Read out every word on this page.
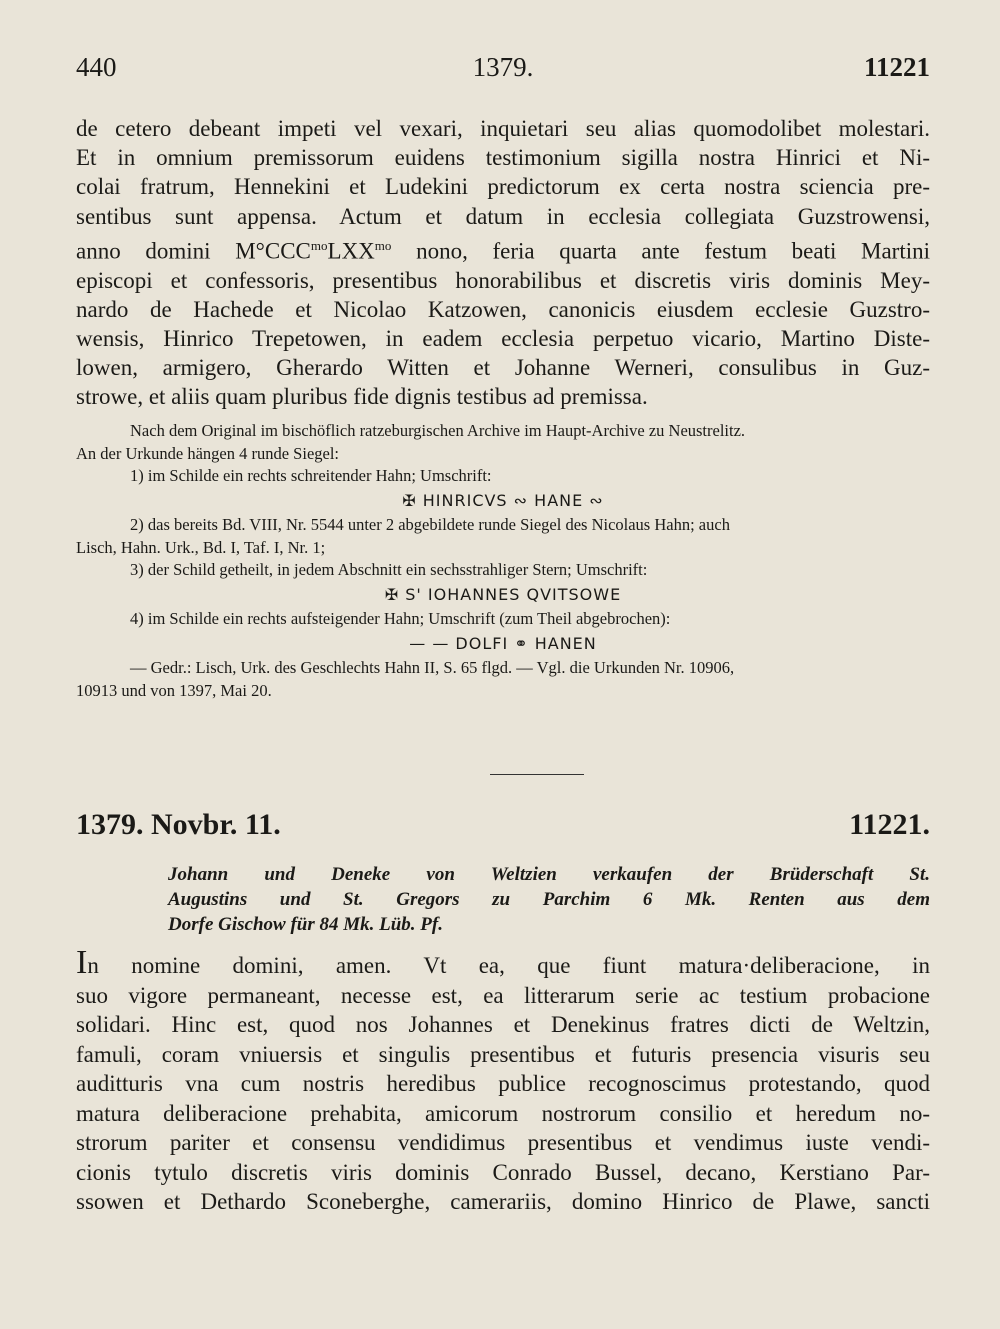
440	1379.	11221
de cetero debeant impeti vel vexari, inquietari seu alias quomodolibet molestari.
Et in omnium premissorum euidens testimonium sigilla nostra Hinrici et Ni-
colai fratrum, Hennekini et Ludekini predictorum ex certa nostra sciencia pre-
sentibus sunt appensa. Actum et datum in ecclesia collegiata Guzstrowensi,
anno domini $M^\circ CCC^{mo}LXX^{mo}$ nono, feria quarta ante festum beati Martini
episcopi et confessoris, presentibus honorabilibus et discretis viris dominis Mey-
nardo de Hachede et Nicolao Katzowen, canonicis eiusdem ecclesie Guzstro-
wensis, Hinrico Trepetowen, in eadem ecclesia perpetuo vicario, Martino Diste-
lowen, armigero, Gherardo Witten et Johanne Werneri, consulibus in Guz-
strowe, et aliis quam pluribus fide dignis testibus ad premissa.
Nach dem Original im bischöflich ratzeburgischen Archive im Haupt-Archive zu Neustrelitz.
An der Urkunde hängen 4 runde Siegel:
1) im Schilde ein rechts schreitender Hahn; Umschrift:
✠ HINRICVS ∾ HANE ∾
2) das bereits Bd. VIII, Nr. 5544 unter 2 abgebildete runde Siegel des Nicolaus Hahn; auch
Lisch, Hahn. Urk., Bd. I, Taf. I, Nr. 1;
3) der Schild getheilt, in jedem Abschnitt ein sechsstrahliger Stern; Umschrift:
✠ S' IOHANNES QVITSOWE
4) im Schilde ein rechts aufsteigender Hahn; Umschrift (zum Theil abgebrochen):
— — DOLFI ⚭ HANEN
— Gedr.: Lisch, Urk. des Geschlechts Hahn II, S. 65 flgd. — Vgl. die Urkunden Nr. 10906,
10913 und von 1397, Mai 20.
1379. Novbr. 11.	11221.
Johann und Deneke von Weltzien verkaufen der Brüderschaft St.
Augustins und St. Gregors zu Parchim 6 Mk. Renten aus dem
Dorfe Gischow für 84 Mk. Lüb. Pf.
In nomine domini, amen. Vt ea, que fiunt matura·deliberacione, in
suo vigore permaneant, necesse est, ea litterarum serie ac testium probacione
solidari. Hinc est, quod nos Johannes et Denekinus fratres dicti de Weltzin,
famuli, coram vniuersis et singulis presentibus et futuris presencia visuris seu
auditturis vna cum nostris heredibus publice recognoscimus protestando, quod
matura deliberacione prehabita, amicorum nostrorum consilio et heredum no-
strorum pariter et consensu vendidimus presentibus et vendimus iuste vendi-
cionis tytulo discretis viris dominis Conrado Bussel, decano, Kerstiano Par-
ssowen et Dethardo Sconeberghe, camerariis, domino Hinrico de Plawe, sancti
